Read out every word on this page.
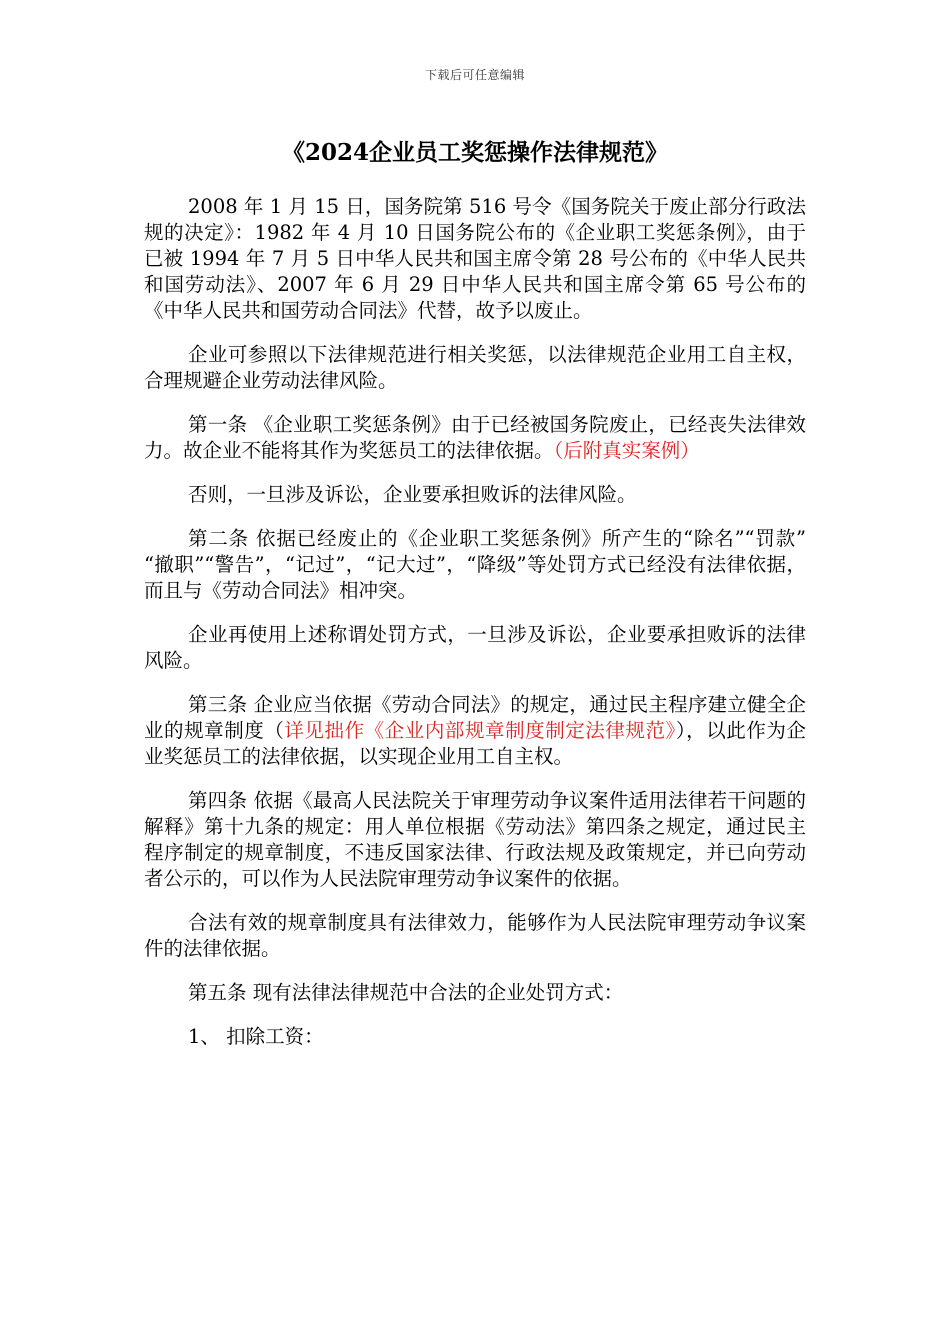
下载后可任意编辑
《2024企业员工奖惩操作法律规范》

2008 年 1 月 15 日，国务院第 516 号令《国务院关于废止部分行政法规的决定》：1982 年 4 月 10 日国务院公布的《企业职工奖惩条例》，由于已被 1994 年 7 月 5 日中华人民共和国主席令第 28 号公布的《中华人民共和国劳动法》、2007 年 6 月 29 日中华人民共和国主席令第 65 号公布的《中华人民共和国劳动合同法》代替，故予以废止。

企业可参照以下法律规范进行相关奖惩，以法律规范企业用工自主权，合理规避企业劳动法律风险。

第一条 《企业职工奖惩条例》由于已经被国务院废止，已经丧失法律效力。故企业不能将其作为奖惩员工的法律依据。（后附真实案例）

否则，一旦涉及诉讼，企业要承担败诉的法律风险。

第二条 依据已经废止的《企业职工奖惩条例》所产生的“除名”“罚款” “撤职”“警告”，“记过”，“记大过”，“降级”等处罚方式已经没有法律依据，而且与《劳动合同法》相冲突。

企业再使用上述称谓处罚方式，一旦涉及诉讼，企业要承担败诉的法律风险。

第三条 企业应当依据《劳动合同法》的规定，通过民主程序建立健全企业的规章制度（详见拙作《企业内部规章制度制定法律规范》），以此作为企业奖惩员工的法律依据，以实现企业用工自主权。

第四条 依据《最高人民法院关于审理劳动争议案件适用法律若干问题的解释》第十九条的规定：用人单位根据《劳动法》第四条之规定，通过民主程序制定的规章制度，不违反国家法律、行政法规及政策规定，并已向劳动者公示的，可以作为人民法院审理劳动争议案件的依据。

合法有效的规章制度具有法律效力，能够作为人民法院审理劳动争议案件的法律依据。

第五条 现有法律法律规范中合法的企业处罚方式：

1、 扣除工资：
